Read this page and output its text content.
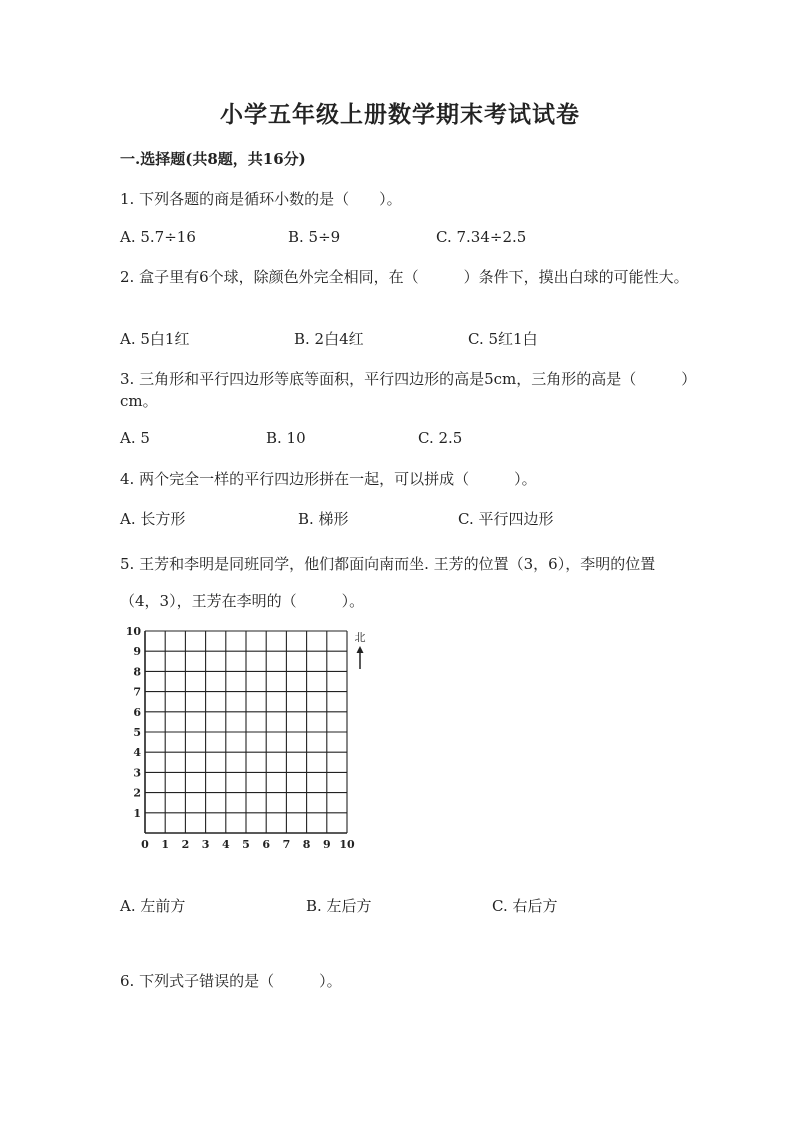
小学五年级上册数学期末考试试卷
一.选择题(共8题，共16分)
1. 下列各题的商是循环小数的是（　　）。
A. 5.7÷16	B. 5÷9	C. 7.34÷2.5
2. 盒子里有6个球，除颜色外完全相同，在（　　　）条件下，摸出白球的可能性大。
A. 5白1红	B. 2白4红	C. 5红1白
3. 三角形和平行四边形等底等面积，平行四边形的高是5cm，三角形的高是（　　　）cm。
A. 5	B. 10	C. 2.5
4. 两个完全一样的平行四边形拼在一起，可以拼成（　　　）。
A. 长方形	B. 梯形	C. 平行四边形
5. 王芳和李明是同班同学，他们都面向南而坐. 王芳的位置（3，6），李明的位置（4，3），王芳在李明的（　　　）。
0 1 2 3 4 5 6 7 8 9 10
1
2
3
4
5
6
7
8
9
10	北
A. 左前方	B. 左后方	C. 右后方
6. 下列式子错误的是（　　　）。
